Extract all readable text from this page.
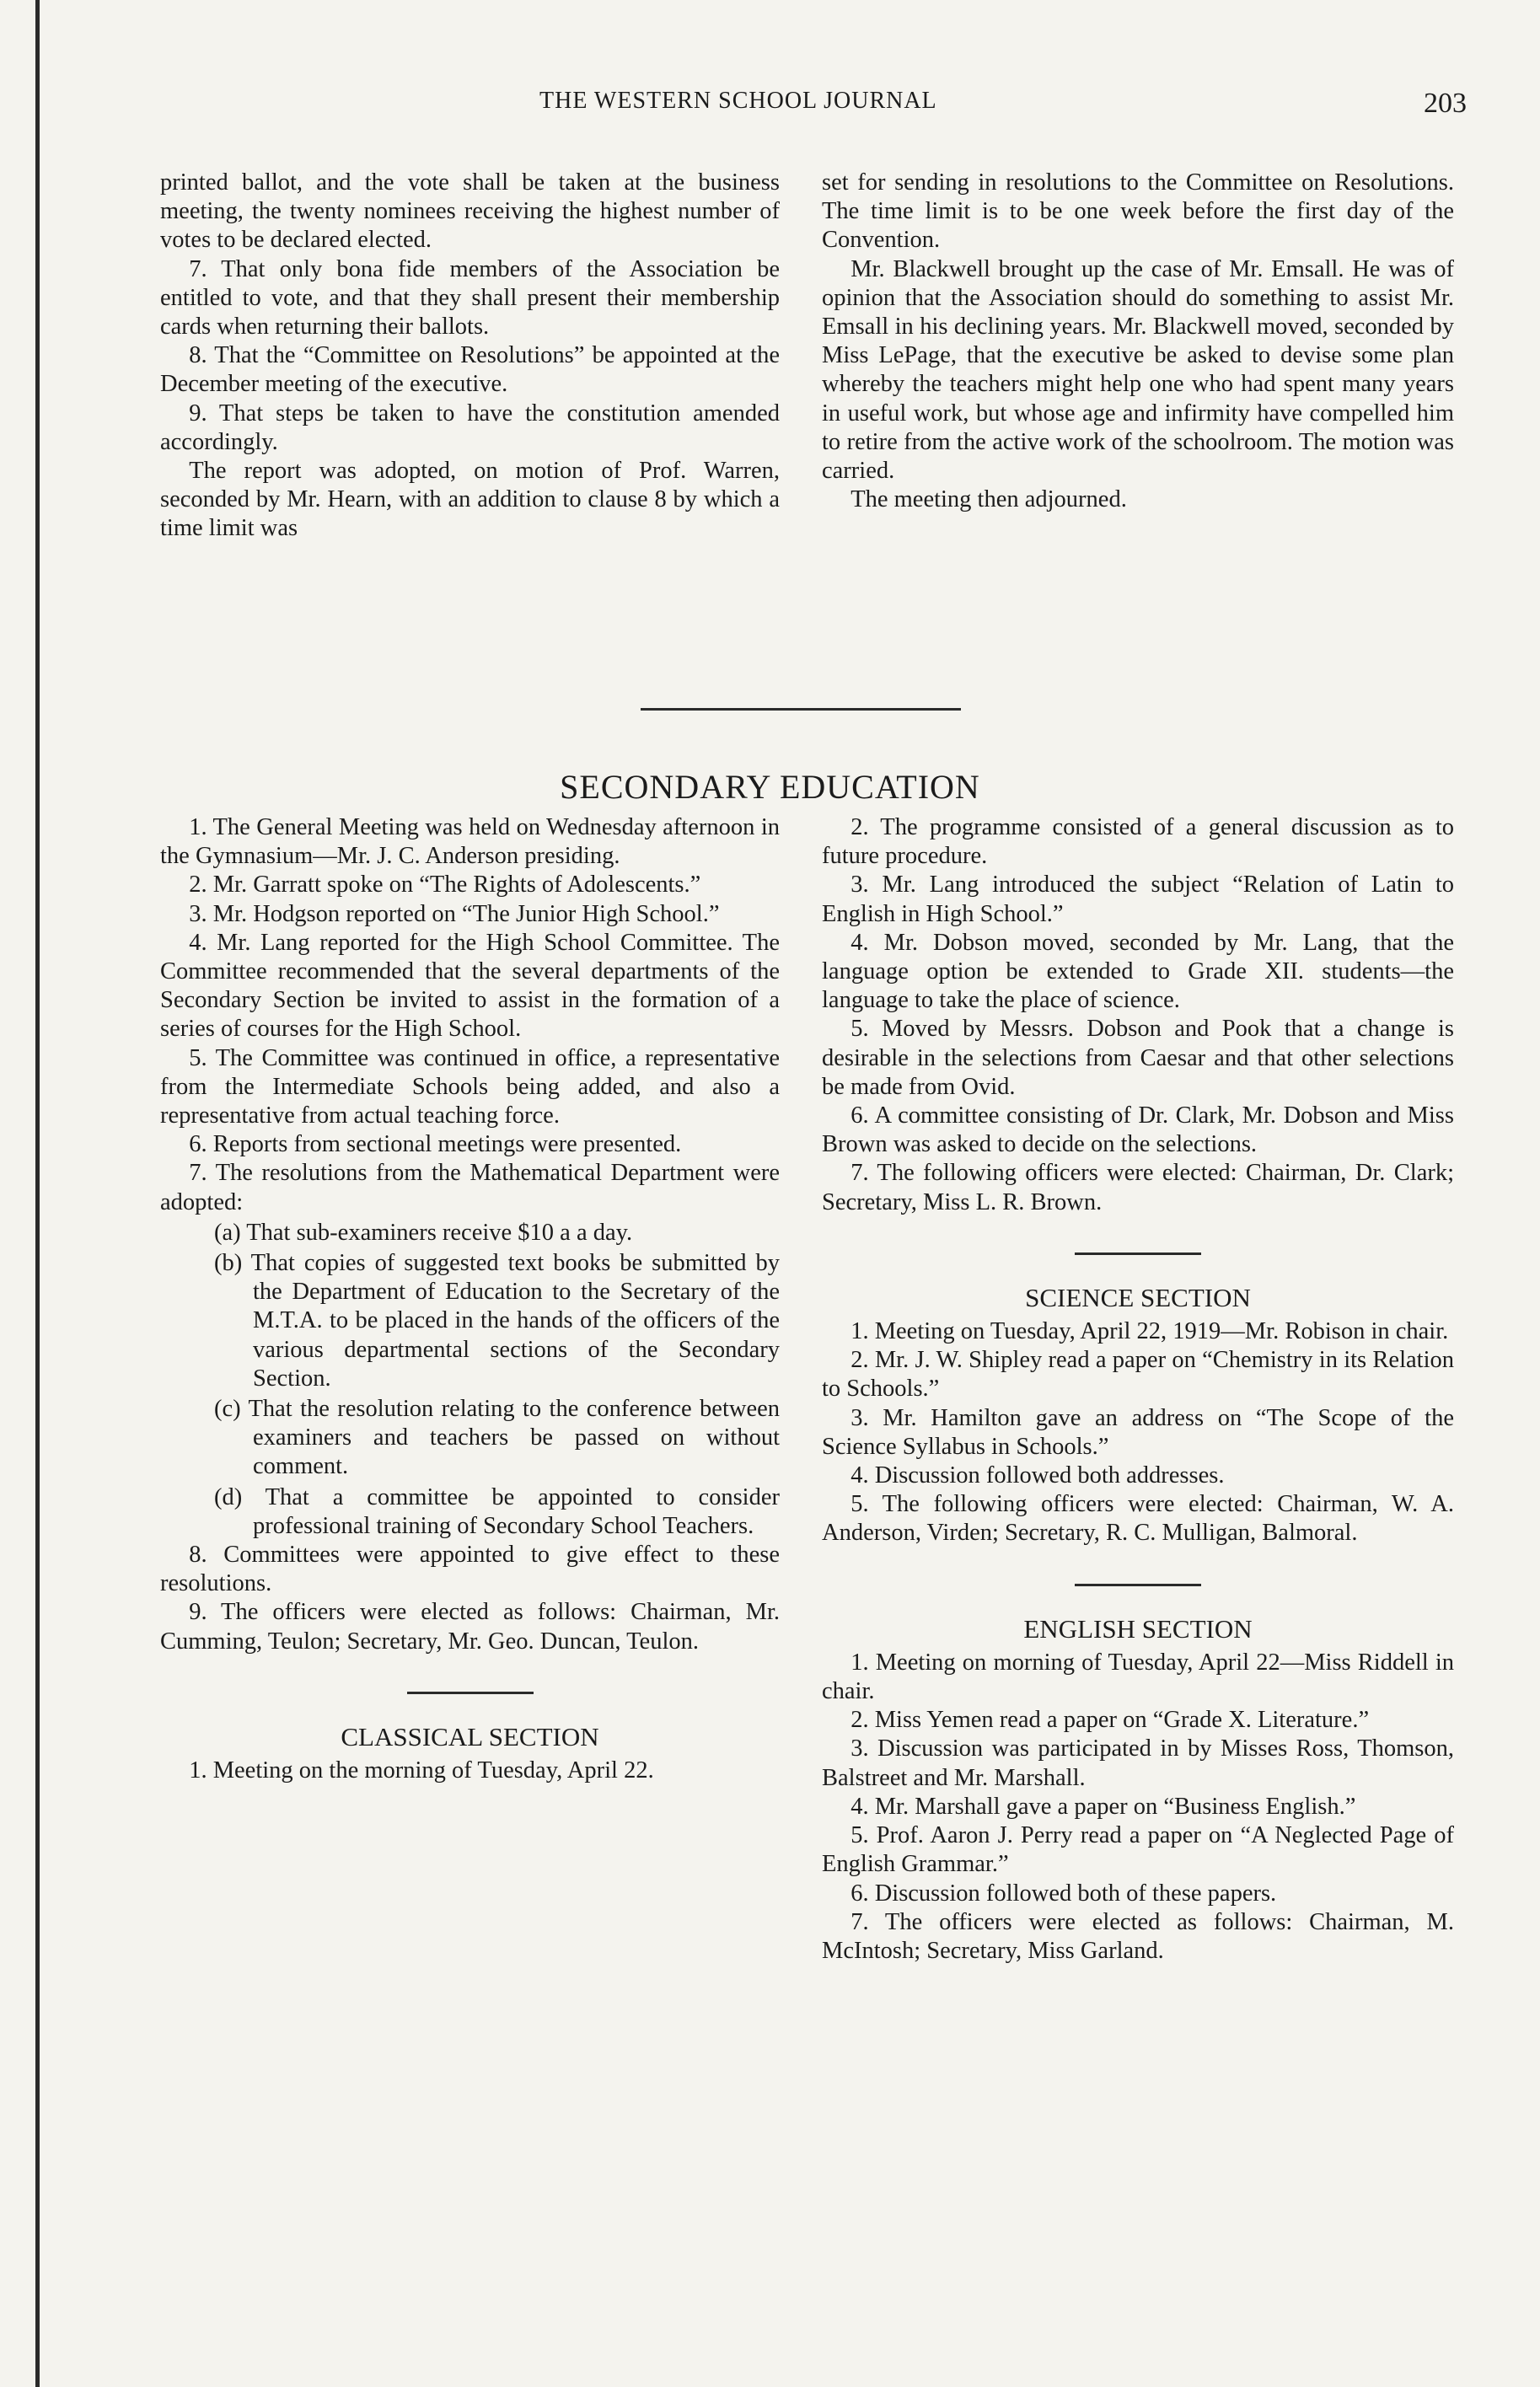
THE WESTERN SCHOOL JOURNAL	203

printed ballot, and the vote shall be taken at the business meeting, the twenty nominees receiving the highest number of votes to be declared elected.

7. That only bona fide members of the Association be entitled to vote, and that they shall present their membership cards when returning their ballots.

8. That the “Committee on Resolutions” be appointed at the December meeting of the executive.

9. That steps be taken to have the constitution amended accordingly.

The report was adopted, on motion of Prof. Warren, seconded by Mr. Hearn, with an addition to clause 8 by which a time limit was

set for sending in resolutions to the Committee on Resolutions. The time limit is to be one week before the first day of the Convention.

Mr. Blackwell brought up the case of Mr. Emsall. He was of opinion that the Association should do something to assist Mr. Emsall in his declining years. Mr. Blackwell moved, seconded by Miss LePage, that the executive be asked to devise some plan whereby the teachers might help one who had spent many years in useful work, but whose age and infirmity have compelled him to retire from the active work of the schoolroom. The motion was carried.

The meeting then adjourned.

SECONDARY EDUCATION

1. The General Meeting was held on Wednesday afternoon in the Gymnasium—Mr. J. C. Anderson presiding.

2. Mr. Garratt spoke on “The Rights of Adolescents.”

3. Mr. Hodgson reported on “The Junior High School.”

4. Mr. Lang reported for the High School Committee. The Committee recommended that the several departments of the Secondary Section be invited to assist in the formation of a series of courses for the High School.

5. The Committee was continued in office, a representative from the Intermediate Schools being added, and also a representative from actual teaching force.

6. Reports from sectional meetings were presented.

7. The resolutions from the Mathematical Department were adopted:

(a) That sub-examiners receive $10 a a day.

(b) That copies of suggested text books be submitted by the Department of Education to the Secretary of the M.T.A. to be placed in the hands of the officers of the various departmental sections of the Secondary Section.

(c) That the resolution relating to the conference between examiners and teachers be passed on without comment.

(d) That a committee be appointed to consider professional training of Secondary School Teachers.

8. Committees were appointed to give effect to these resolutions.

9. The officers were elected as follows: Chairman, Mr. Cumming, Teulon; Secretary, Mr. Geo. Duncan, Teulon.

CLASSICAL SECTION

1. Meeting on the morning of Tuesday, April 22.

2. The programme consisted of a general discussion as to future procedure.

3. Mr. Lang introduced the subject “Relation of Latin to English in High School.”

4. Mr. Dobson moved, seconded by Mr. Lang, that the language option be extended to Grade XII. students—the language to take the place of science.

5. Moved by Messrs. Dobson and Pook that a change is desirable in the selections from Caesar and that other selections be made from Ovid.

6. A committee consisting of Dr. Clark, Mr. Dobson and Miss Brown was asked to decide on the selections.

7. The following officers were elected: Chairman, Dr. Clark; Secretary, Miss L. R. Brown.

SCIENCE SECTION

1. Meeting on Tuesday, April 22, 1919—Mr. Robison in chair.

2. Mr. J. W. Shipley read a paper on “Chemistry in its Relation to Schools.”

3. Mr. Hamilton gave an address on “The Scope of the Science Syllabus in Schools.”

4. Discussion followed both addresses.

5. The following officers were elected: Chairman, W. A. Anderson, Virden; Secretary, R. C. Mulligan, Balmoral.

ENGLISH SECTION

1. Meeting on morning of Tuesday, April 22—Miss Riddell in chair.

2. Miss Yemen read a paper on “Grade X. Literature.”

3. Discussion was participated in by Misses Ross, Thomson, Balstreet and Mr. Marshall.

4. Mr. Marshall gave a paper on “Business English.”

5. Prof. Aaron J. Perry read a paper on “A Neglected Page of English Grammar.”

6. Discussion followed both of these papers.

7. The officers were elected as follows: Chairman, M. McIntosh; Secretary, Miss Garland.
